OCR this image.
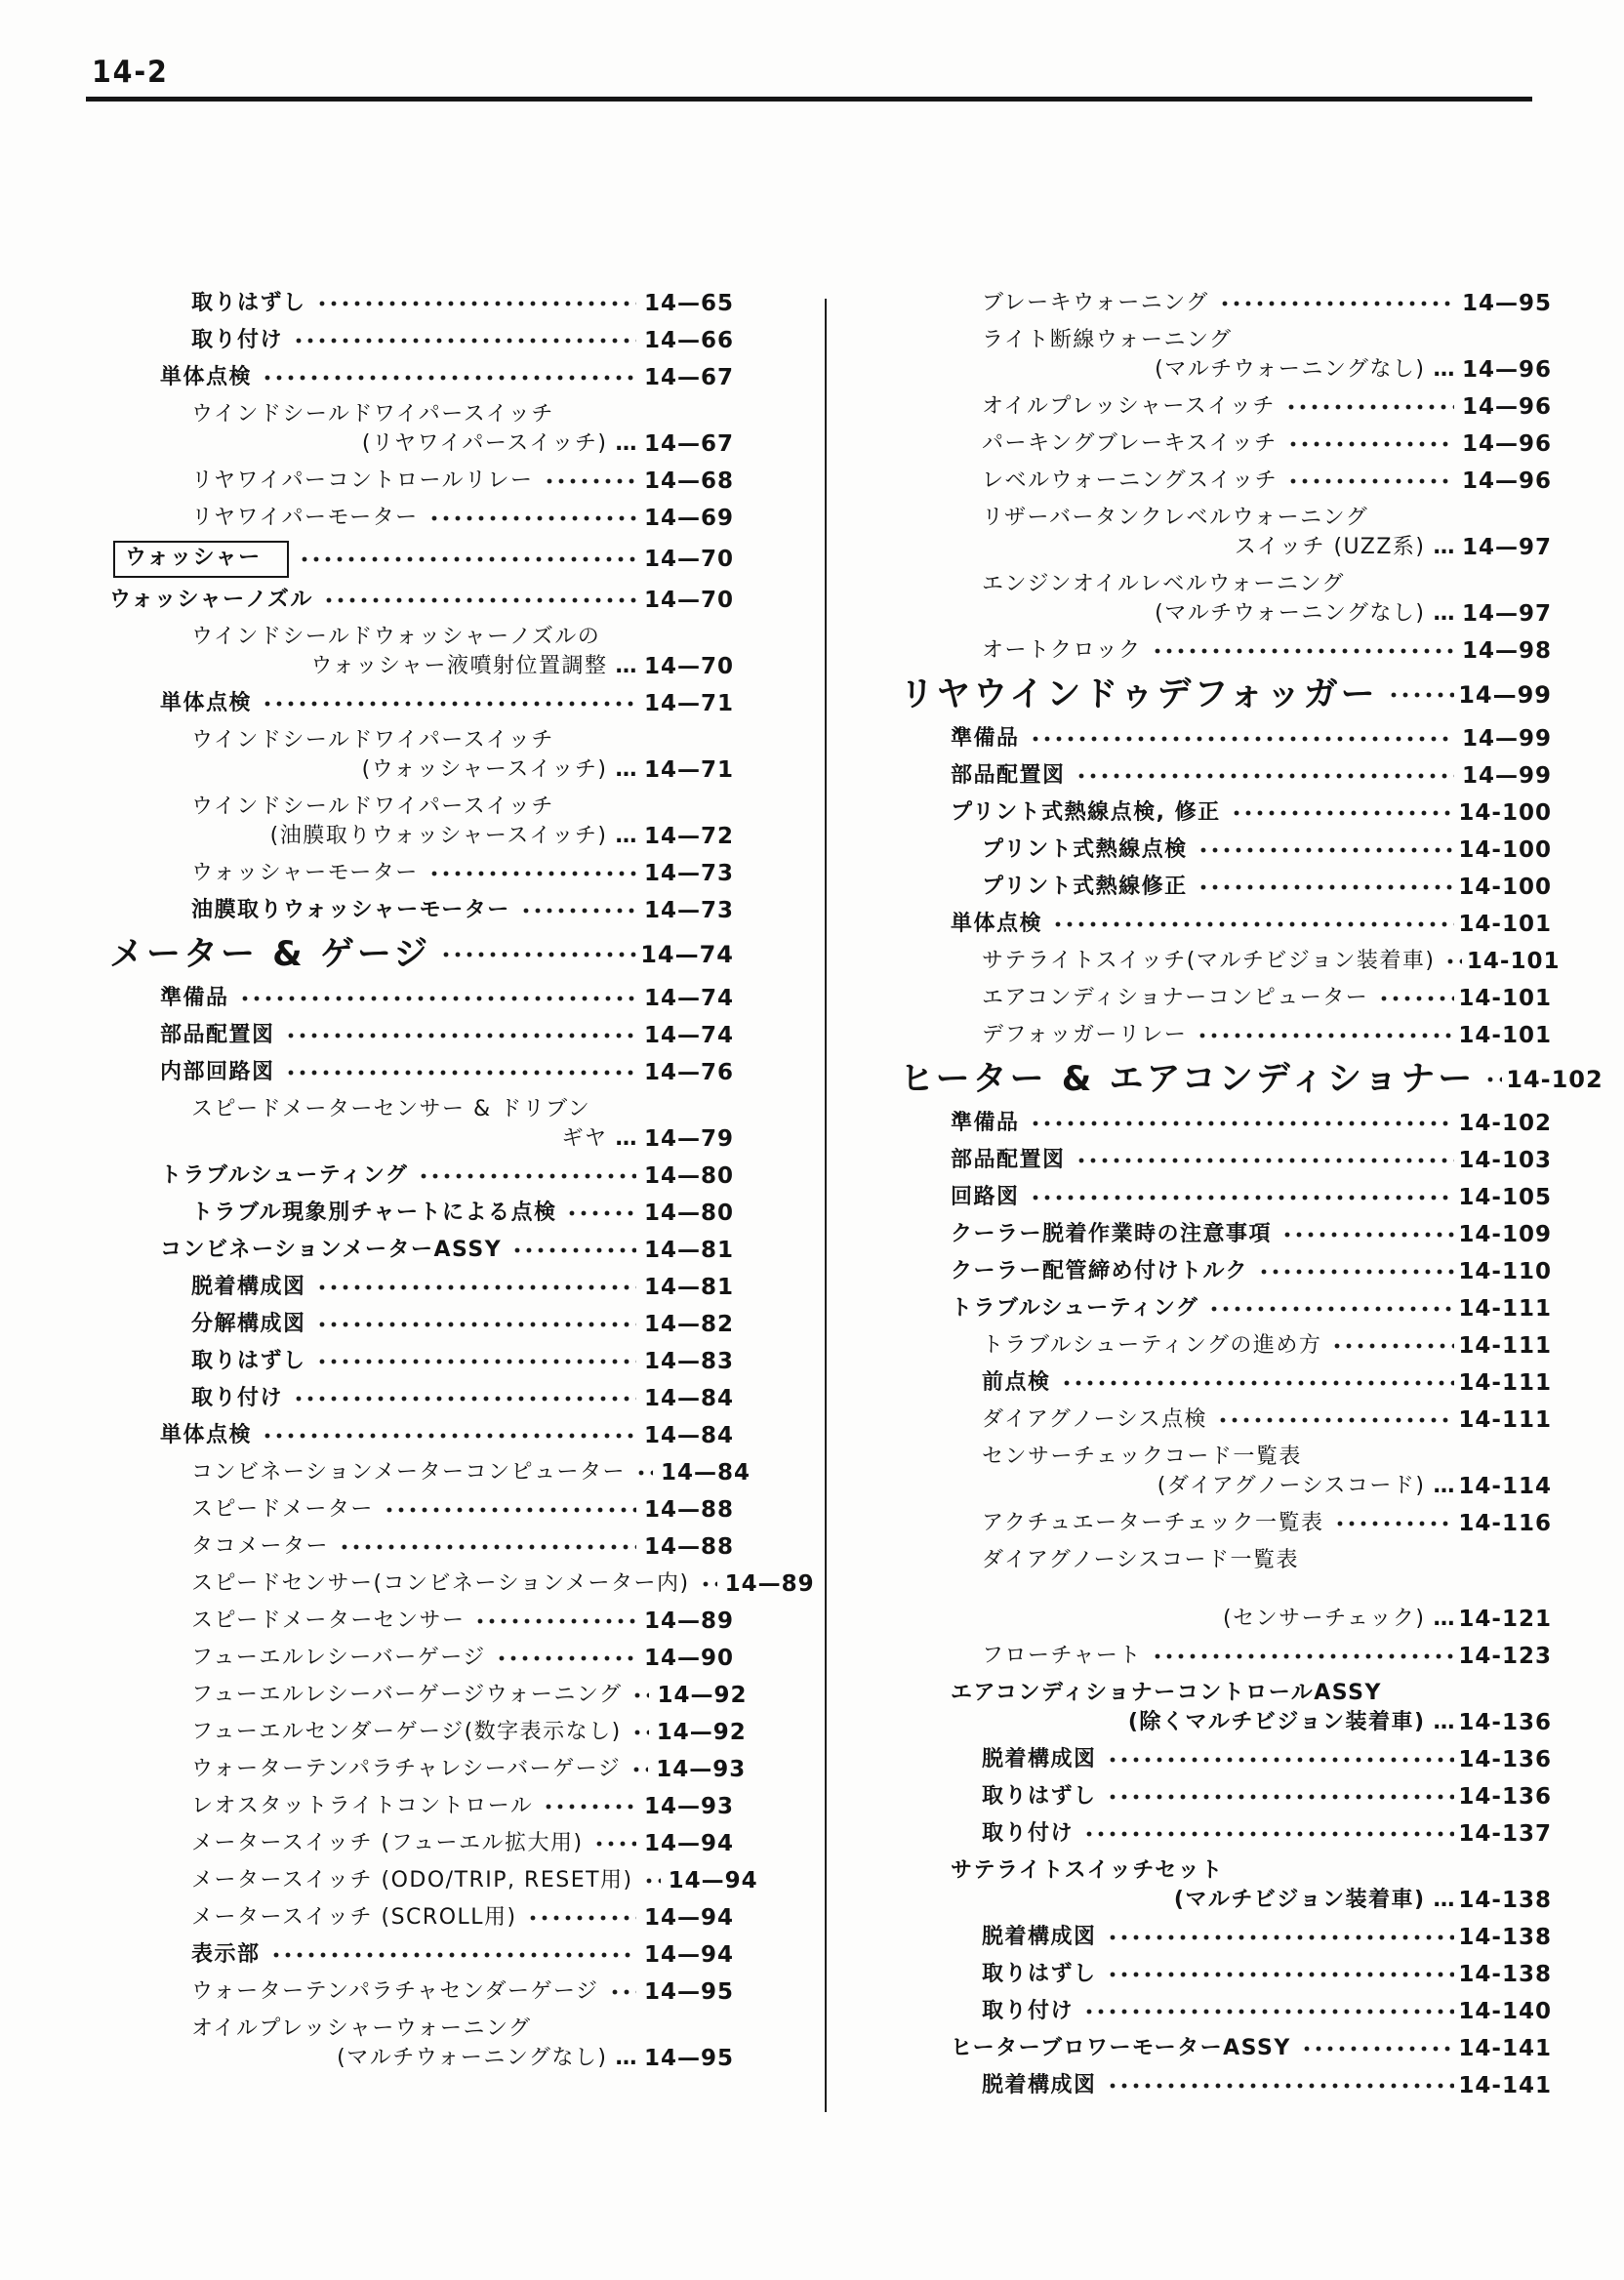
14-2
取りはずし	14—65
取り付け	14—66
単体点検	14—67
ウインドシールドワイパースイッチ
(リヤワイパースイッチ) … 14—67
リヤワイパーコントロールリレー	14—68
リヤワイパーモーター	14—69
ウォッシャー	14—70
ウォッシャーノズル	14—70
ウインドシールドウォッシャーノズルの
ウォッシャー液噴射位置調整 … 14—70
単体点検	14—71
ウインドシールドワイパースイッチ
(ウォッシャースイッチ) … 14—71
ウインドシールドワイパースイッチ
(油膜取りウォッシャースイッチ) … 14—72
ウォッシャーモーター	14—73
油膜取りウォッシャーモーター	14—73
メーター & ゲージ	14—74
準備品	14—74
部品配置図	14—74
内部回路図	14—76
スピードメーターセンサー & ドリブン
ギヤ … 14—79
トラブルシューティング	14—80
トラブル現象別チャートによる点検	14—80
コンビネーションメーターASSY	14—81
脱着構成図	14—81
分解構成図	14—82
取りはずし	14—83
取り付け	14—84
単体点検	14—84
コンビネーションメーターコンピューター 14—84
スピードメーター	14—88
タコメーター	14—88
スピードセンサー(コンビネーションメーター内) 14—89
スピードメーターセンサー	14—89
フューエルレシーバーゲージ	14—90
フューエルレシーバーゲージウォーニング 14—92
フューエルセンダーゲージ(数字表示なし) 14—92
ウォーターテンパラチャレシーバーゲージ 14—93
レオスタットライトコントロール	14—93
メータースイッチ (フューエル拡大用)	14—94
メータースイッチ (ODO/TRIP, RESET用) 14—94
メータースイッチ (SCROLL用)	14—94
表示部	14—94
ウォーターテンパラチャセンダーゲージ 14—95
オイルプレッシャーウォーニング
(マルチウォーニングなし) … 14—95
ブレーキウォーニング	14—95
ライト断線ウォーニング
(マルチウォーニングなし) … 14—96
オイルプレッシャースイッチ	14—96
パーキングブレーキスイッチ	14—96
レベルウォーニングスイッチ	14—96
リザーバータンクレベルウォーニング
スイッチ (UZZ系) … 14—97
エンジンオイルレベルウォーニング
(マルチウォーニングなし) … 14—97
オートクロック	14—98
リヤウインドゥデフォッガー	14—99
準備品	14—99
部品配置図	14—99
プリント式熱線点検, 修正	14-100
プリント式熱線点検	14-100
プリント式熱線修正	14-100
単体点検	14-101
サテライトスイッチ(マルチビジョン装着車) 14-101
エアコンディショナーコンピューター	14-101
デフォッガーリレー	14-101
ヒーター & エアコンディショナー 14-102
準備品	14-102
部品配置図	14-103
回路図	14-105
クーラー脱着作業時の注意事項	14-109
クーラー配管締め付けトルク	14-110
トラブルシューティング	14-111
トラブルシューティングの進め方	14-111
前点検	14-111
ダイアグノーシス点検	14-111
センサーチェックコード一覧表
(ダイアグノーシスコード) … 14-114
アクチュエーターチェック一覧表	14-116
ダイアグノーシスコード一覧表
(センサーチェック) … 14-121
フローチャート	14-123
エアコンディショナーコントロールASSY
(除くマルチビジョン装着車) … 14-136
脱着構成図	14-136
取りはずし	14-136
取り付け	14-137
サテライトスイッチセット
(マルチビジョン装着車) … 14-138
脱着構成図	14-138
取りはずし	14-138
取り付け	14-140
ヒーターブロワーモーターASSY	14-141
脱着構成図	14-141
